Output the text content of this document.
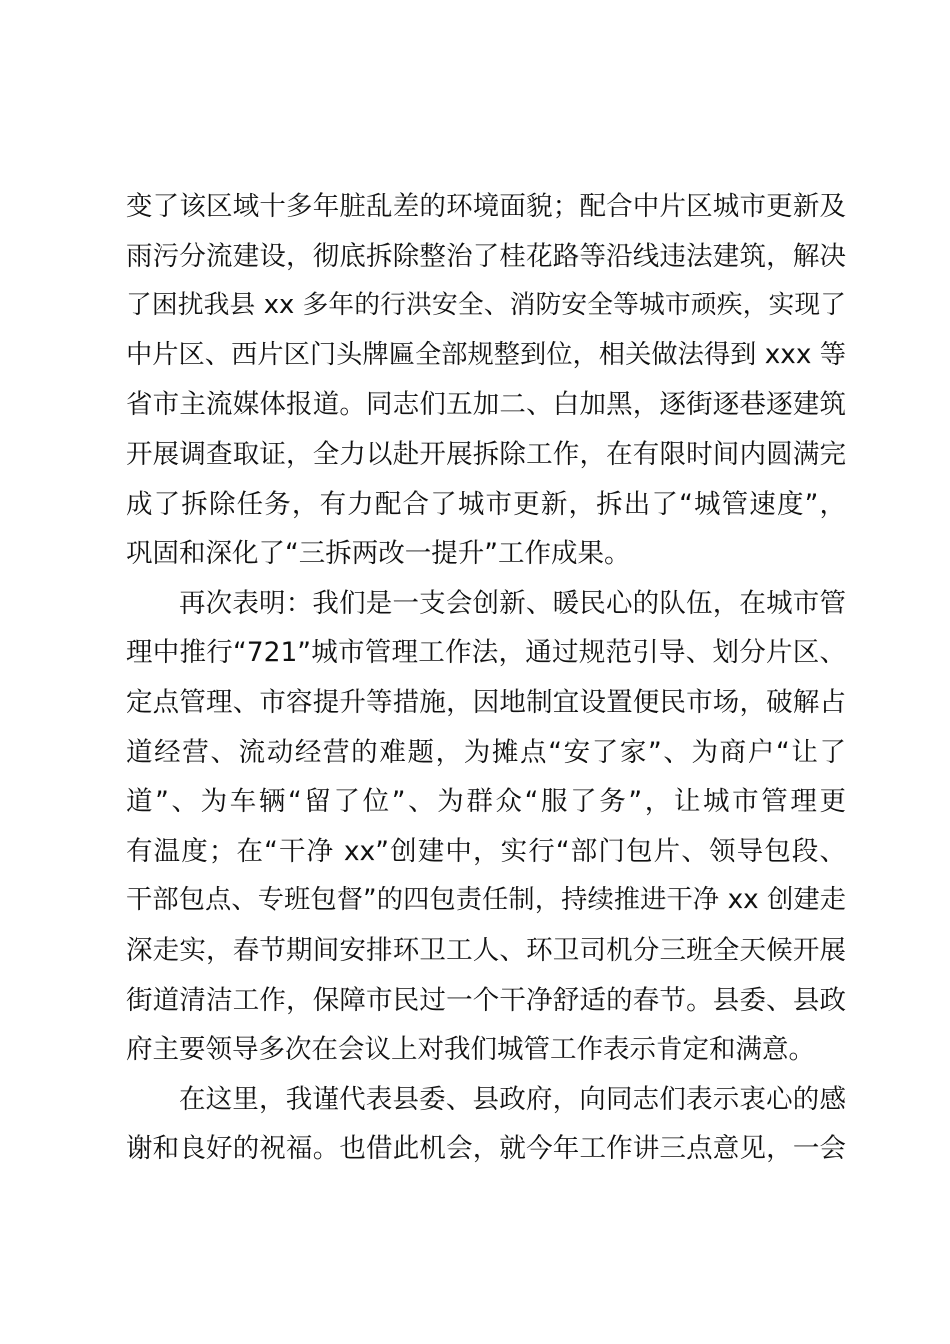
变了该区域十多年脏乱差的环境面貌；配合中片区城市更新及
雨污分流建设，彻底拆除整治了桂花路等沿线违法建筑，解决
了困扰我县 xx 多年的行洪安全、消防安全等城市顽疾，实现了
中片区、西片区门头牌匾全部规整到位，相关做法得到 xxx 等
省市主流媒体报道。同志们五加二、白加黑，逐街逐巷逐建筑
开展调查取证，全力以赴开展拆除工作，在有限时间内圆满完
成了拆除任务，有力配合了城市更新，拆出了“城管速度”，
巩固和深化了“三拆两改一提升”工作成果。
再次表明：我们是一支会创新、暖民心的队伍，在城市管
理中推行“721”城市管理工作法，通过规范引导、划分片区、
定点管理、市容提升等措施，因地制宜设置便民市场，破解占
道经营、流动经营的难题，为摊点“安了家”、为商户“让了
道”、为车辆“留了位”、为群众“服了务”，让城市管理更
有温度；在“干净 xx”创建中，实行“部门包片、领导包段、
干部包点、专班包督”的四包责任制，持续推进干净 xx 创建走
深走实，春节期间安排环卫工人、环卫司机分三班全天候开展
街道清洁工作，保障市民过一个干净舒适的春节。县委、县政
府主要领导多次在会议上对我们城管工作表示肯定和满意。
在这里，我谨代表县委、县政府，向同志们表示衷心的感
谢和良好的祝福。也借此机会，就今年工作讲三点意见，一会
